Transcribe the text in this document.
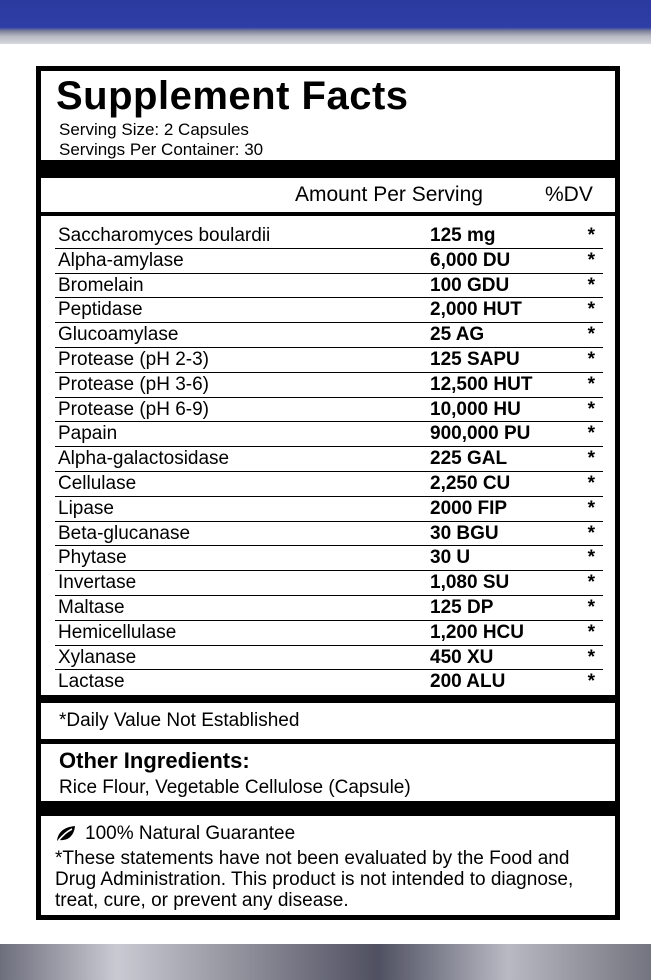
Supplement Facts
Serving Size: 2 Capsules
Servings Per Container: 30
Amount Per Serving	%DV
Saccharomyces boulardii	125 mg	*
Alpha-amylase	6,000 DU	*
Bromelain	100 GDU	*
Peptidase	2,000 HUT	*
Glucoamylase	25 AG	*
Protease (pH 2-3)	125 SAPU	*
Protease (pH 3-6)	12,500 HUT	*
Protease (pH 6-9)	10,000 HU	*
Papain	900,000 PU	*
Alpha-galactosidase	225 GAL	*
Cellulase	2,250 CU	*
Lipase	2000 FIP	*
Beta-glucanase	30 BGU	*
Phytase	30 U	*
Invertase	1,080 SU	*
Maltase	125 DP	*
Hemicellulase	1,200 HCU	*
Xylanase	450 XU	*
Lactase	200 ALU	*
*Daily Value Not Established
Other Ingredients:
Rice Flour, Vegetable Cellulose (Capsule)
100% Natural Guarantee
*These statements have not been evaluated by the Food and Drug Administration. This product is not intended to diagnose, treat, cure, or prevent any disease.
